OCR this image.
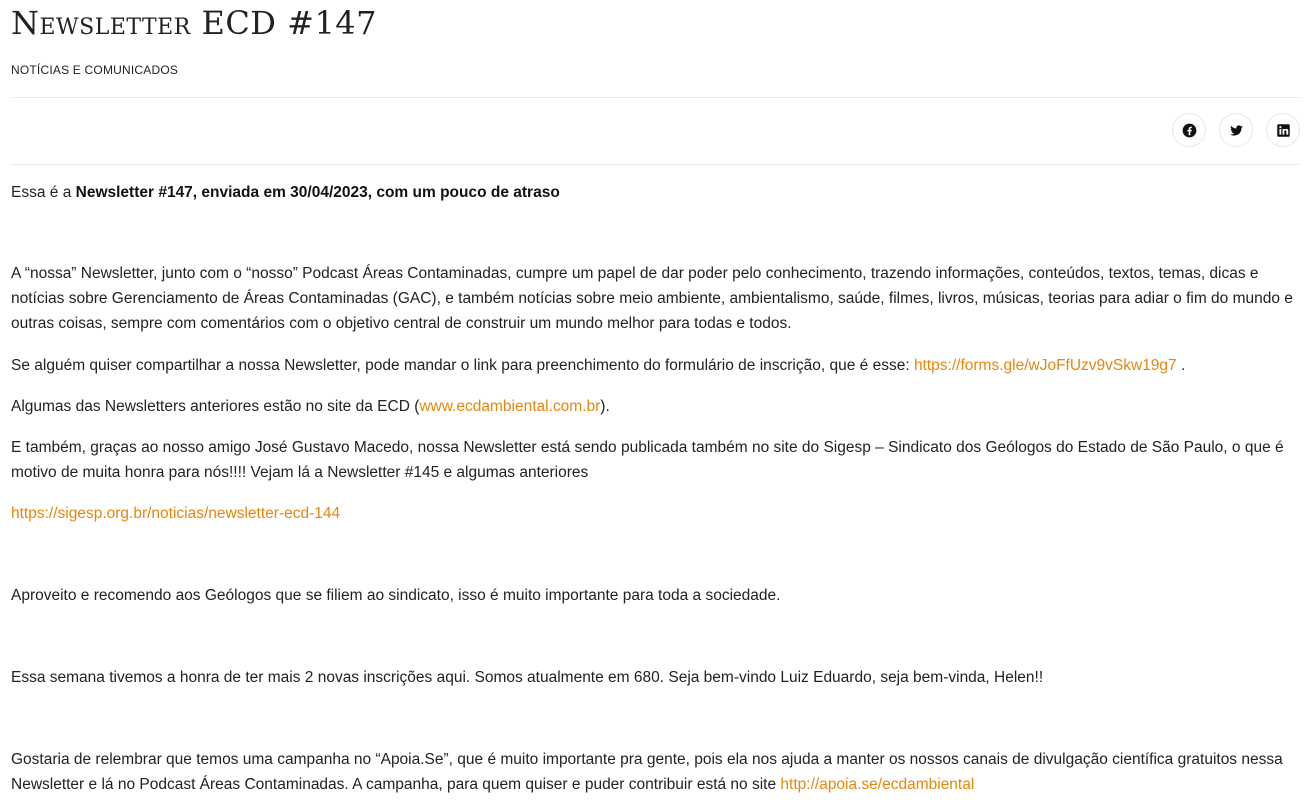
Newsletter ECD #147
NOTÍCIAS E COMUNICADOS

Essa é a Newsletter #147, enviada em 30/04/2023, com um pouco de atraso

A “nossa” Newsletter, junto com o “nosso” Podcast Áreas Contaminadas, cumpre um papel de dar poder pelo conhecimento, trazendo informações, conteúdos, textos, temas, dicas e notícias sobre Gerenciamento de Áreas Contaminadas (GAC), e também notícias sobre meio ambiente, ambientalismo, saúde, filmes, livros, músicas, teorias para adiar o fim do mundo e outras coisas, sempre com comentários com o objetivo central de construir um mundo melhor para todas e todos.

Se alguém quiser compartilhar a nossa Newsletter, pode mandar o link para preenchimento do formulário de inscrição, que é esse: https://forms.gle/wJoFfUzv9vSkw19g7 .

Algumas das Newsletters anteriores estão no site da ECD (www.ecdambiental.com.br).

E também, graças ao nosso amigo José Gustavo Macedo, nossa Newsletter está sendo publicada também no site do Sigesp – Sindicato dos Geólogos do Estado de São Paulo, o que é motivo de muita honra para nós!!!! Vejam lá a Newsletter #145 e algumas anteriores

https://sigesp.org.br/noticias/newsletter-ecd-144

Aproveito e recomendo aos Geólogos que se filiem ao sindicato, isso é muito importante para toda a sociedade.

Essa semana tivemos a honra de ter mais 2 novas inscrições aqui. Somos atualmente em 680. Seja bem-vindo Luiz Eduardo, seja bem-vinda, Helen!!

Gostaria de relembrar que temos uma campanha no “Apoia.Se”, que é muito importante pra gente, pois ela nos ajuda a manter os nossos canais de divulgação científica gratuitos nessa Newsletter e lá no Podcast Áreas Contaminadas. A campanha, para quem quiser e puder contribuir está no site http://apoia.se/ecdambiental
